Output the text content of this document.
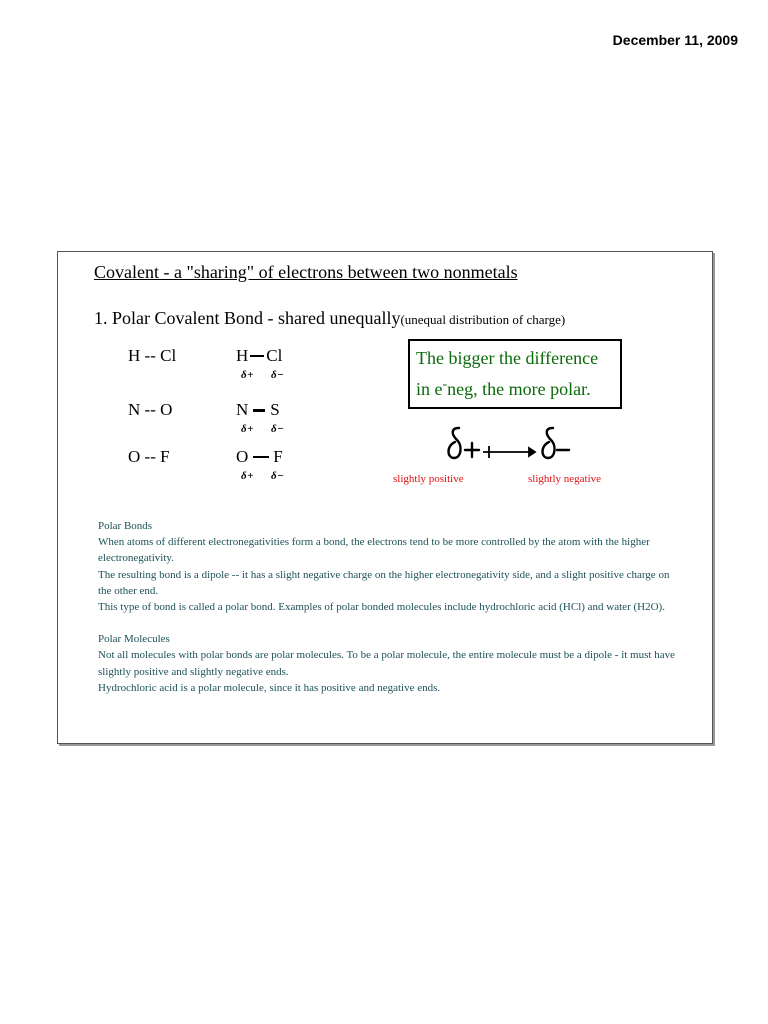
December 11, 2009
Covalent - a "sharing" of electrons between two nonmetals
1. Polar Covalent Bond - shared unequally(unequal distribution of charge)
H -- Cl	H Cl
δ+ δ−
N -- O	N S
δ+ δ−
O -- F	O F
δ+ δ−
The bigger the difference
in e-neg, the more polar.
slightly positive	slightly negative

Polar Bonds

When atoms of different electronegativities form a bond, the electrons tend to be more controlled by the atom with the higher electronegativity.

The resulting bond is a dipole -- it has a slight negative charge on the higher electronegativity side, and a slight positive charge on the other end.

This type of bond is called a polar bond. Examples of polar bonded molecules include hydrochloric acid (HCl) and water (H2O).

Polar Molecules

Not all molecules with polar bonds are polar molecules. To be a polar molecule, the entire molecule must be a dipole - it must have slightly positive and slightly negative ends.

Hydrochloric acid is a polar molecule, since it has positive and negative ends.
